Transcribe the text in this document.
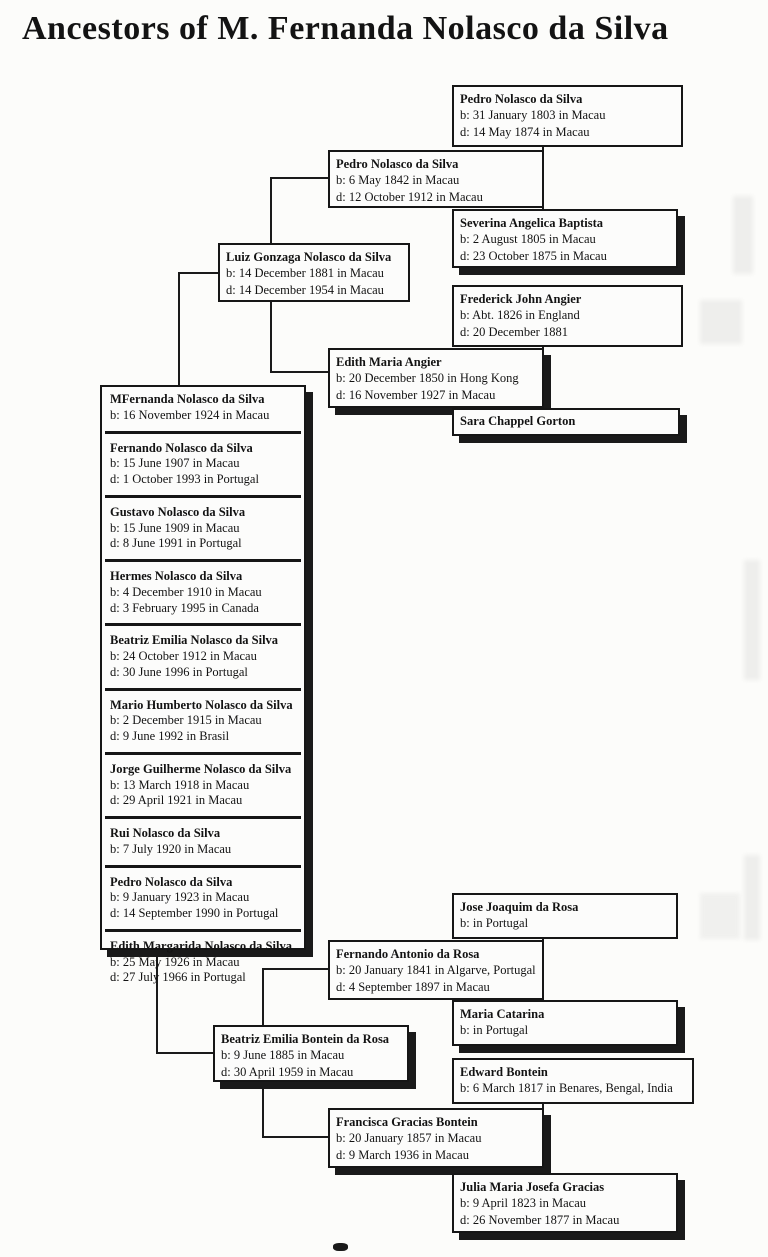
Ancestors of M. Fernanda Nolasco da Silva
Pedro Nolasco da Silva
b: 31 January 1803 in Macau
d: 14 May 1874 in Macau
Pedro Nolasco da Silva
b: 6 May 1842 in Macau
d: 12 October 1912 in Macau
Severina Angelica Baptista
b: 2 August 1805 in Macau
d: 23 October 1875 in Macau
Luiz Gonzaga Nolasco da Silva
b: 14 December 1881 in Macau
d: 14 December 1954 in Macau
Frederick John Angier
b: Abt. 1826 in England
d: 20 December 1881
Edith Maria Angier
b: 20 December 1850 in Hong Kong
d: 16 November 1927 in Macau
Sara Chappel Gorton
MFernanda Nolasco da Silva
b: 16 November 1924 in Macau
Fernando Nolasco da Silva
b: 15 June 1907 in Macau
d: 1 October 1993 in Portugal
Gustavo Nolasco da Silva
b: 15 June 1909 in Macau
d: 8 June 1991 in Portugal
Hermes Nolasco da Silva
b: 4 December 1910 in Macau
d: 3 February 1995 in Canada
Beatriz Emilia Nolasco da Silva
b: 24 October 1912 in Macau
d: 30 June 1996 in Portugal
Mario Humberto Nolasco da Silva
b: 2 December 1915 in Macau
d: 9 June 1992 in Brasil
Jorge Guilherme Nolasco da Silva
b: 13 March 1918 in Macau
d: 29 April 1921 in Macau
Rui Nolasco da Silva
b: 7 July 1920 in Macau
Pedro Nolasco da Silva
b: 9 January 1923 in Macau
d: 14 September 1990 in Portugal
Edith Margarida Nolasco da Silva
b: 25 May 1926 in Macau
d: 27 July 1966 in Portugal
Jose Joaquim da Rosa
b: in Portugal
Fernando Antonio da Rosa
b: 20 January 1841 in Algarve, Portugal
d: 4 September 1897 in Macau
Maria Catarina
b: in Portugal
Beatriz Emilia Bontein da Rosa
b: 9 June 1885 in Macau
d: 30 April 1959 in Macau	Edward Bontein
b: 6 March 1817 in Benares, Bengal, India
Francisca Gracias Bontein
b: 20 January 1857 in Macau
d: 9 March 1936 in Macau
Julia Maria Josefa Gracias
b: 9 April 1823 in Macau
d: 26 November 1877 in Macau
